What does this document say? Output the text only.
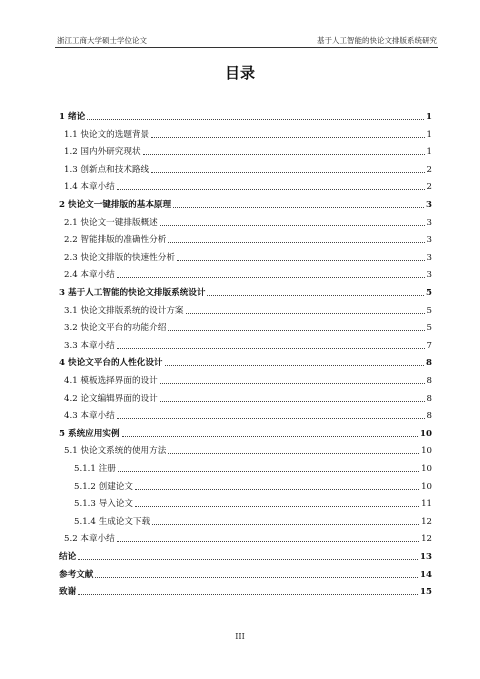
浙江工商大学硕士学位论文	基于人工智能的快论文排版系统研究
目录
1 绪论	1
1.1 快论文的选题背景	1
1.2 国内外研究现状	1
1.3 创新点和技术路线	2
1.4 本章小结	2
2 快论文一键排版的基本原理	3
2.1 快论文一键排版概述	3
2.2 智能排版的准确性分析	3
2.3 快论文排版的快速性分析	3
2.4 本章小结	3
3 基于人工智能的快论文排版系统设计	5
3.1 快论文排版系统的设计方案	5
3.2 快论文平台的功能介绍	5
3.3 本章小结	7
4 快论文平台的人性化设计	8
4.1 模板选择界面的设计	8
4.2 论文编辑界面的设计	8
4.3 本章小结	8
5 系统应用实例	10
5.1 快论文系统的使用方法	10
5.1.1 注册	10
5.1.2 创建论文	10
5.1.3 导入论文	11
5.1.4 生成论文下载	12
5.2 本章小结	12
结论	13
参考文献	14
致谢	15
III
